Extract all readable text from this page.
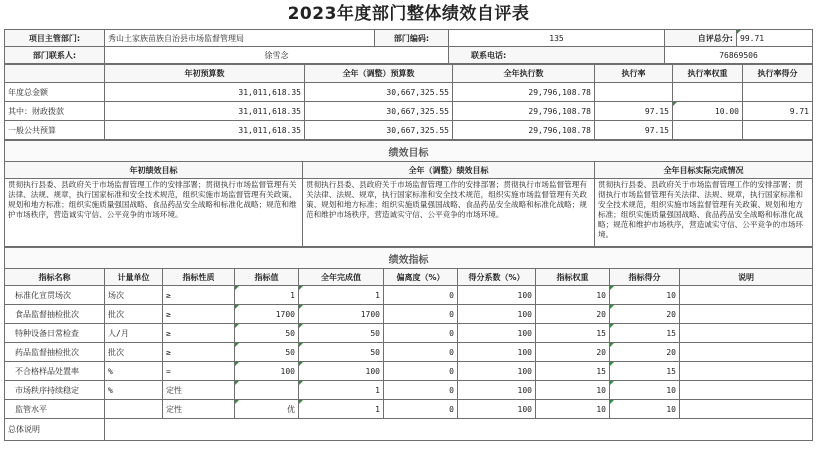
2023年度部门整体绩效自评表
项目主管部门:	秀山土家族苗族自治县市场监督管理局	部门编码:	135	自评总分:	99.71
部门联系人:	徐雪念		联系电话:	76869506	
	年初预算数	全年（调整）预算数	全年执行数	执行率	执行率权重	执行率得分
年度总金额	31,011,618.35	30,667,325.55	29,796,108.78			
其中：财政拨款	31,011,618.35	30,667,325.55	29,796,108.78	97.15	10.00	9.71
一般公共预算	31,011,618.35	30,667,325.55	29,796,108.78	97.15		
绩效目标		
年初绩效目标	全年（调整）绩效目标	全年目标实际完成情况
贯彻执行县委、县政府关于市场监督管理工作的安排部署；贯彻执行市场监督管理有关法律、法规、规章，执行国家标准和安全技术规范，组织实施市场监督管理有关政策、规划和地方标准；组织实施质量强国战略、食品药品安全战略和标准化战略；规范和维护市场秩序，营造诚实守信、公平竞争的市场环境。	贯彻执行县委、县政府关于市场监督管理工作的安排部署；贯彻执行市场监督管理有关法律、法规、规章，执行国家标准和安全技术规范，组织实施市场监督管理有关政策、规划和地方标准；组织实施质量强国战略、食品药品安全战略和标准化战略；规范和维护市场秩序，营造诚实守信、公平竞争的市场环境。	贯彻执行县委、县政府关于市场监督管理工作的安排部署；贯彻执行市场监督管理有关法律、法规、规章，执行国家标准和安全技术规范，组织实施市场监督管理有关政策、规划和地方标准；组织实施质量强国战略、食品药品安全战略和标准化战略；规范和维护市场秩序，营造诚实守信、公平竞争的市场环境。
绩效指标									
指标名称	计量单位	指标性质	指标值	全年完成值	偏离度（%）	得分系数（%）	指标权重	指标得分	说明
标准化宣贯场次	场次	≥	1	1	0	100	10	10	
食品监督抽检批次	批次	≥	1700	1700	0	100	20	20	
特种设备日常检查	人/月	≥	50	50	0	100	15	15	
药品监督抽检批次	批次	≥	50	50	0	100	20	20	
不合格样品处置率	%	=	100	100	0	100	15	15	
市场秩序持续稳定	%	定性		1	0	100	10	10	
监管水平		定性	优	1	0	100	10	10	
总体说明									
